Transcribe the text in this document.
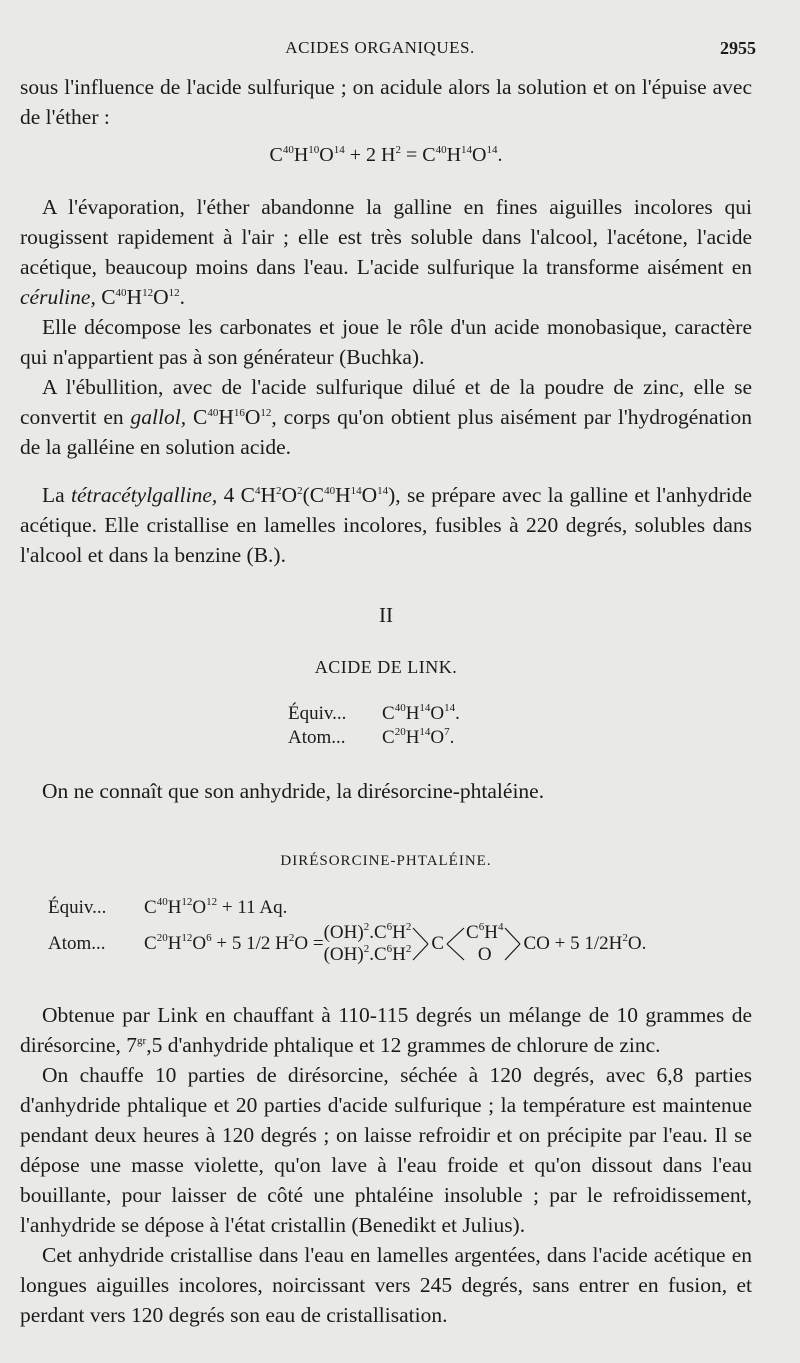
ACIDES ORGANIQUES.	2955

sous l'influence de l'acide sulfurique ; on acidule alors la solution et on l'épuise avec de l'éther :

$C^{40}H^{10}O^{14} + 2$ $H^2 = C^{40}H^{14}O^{14}$.

A l'évaporation, l'éther abandonne la galline en fines aiguilles incolores qui rougissent rapidement à l'air ; elle est très soluble dans l'alcool, l'acétone, l'acide acétique, beaucoup moins dans l'eau. L'acide sulfurique la transforme aisément en céruline, $C^{40}H^{12}O^{12}$.

Elle décompose les carbonates et joue le rôle d'un acide monobasique, caractère qui n'appartient pas à son générateur (Buchka).

A l'ébullition, avec de l'acide sulfurique dilué et de la poudre de zinc, elle se convertit en gallol, $C^{40}H^{16}O^{12}$, corps qu'on obtient plus aisément par l'hydrogénation de la galléine en solution acide.

La tétracétylgalline, 4 $C^4H^2O^2(C^{40}H^{14}O^{14})$, se prépare avec la galline et l'anhydride acétique. Elle cristallise en lamelles incolores, fusibles à 220 degrés, solubles dans l'alcool et dans la benzine (B.).

II
ACIDE DE LINK.
Équiv... $C^{40}H^{14}O^{14}$.
Atom... $C^{20}H^{14}O^7$.

On ne connaît que son anhydride, la dirésorcine-phtaléine.

DIRÉSORCINE-PHTALÉINE.
Équiv... $C^{40}H^{12}O^{12} + 11$ Aq.
Atom...	$C^{20}H^{12}O^6 + 5$ 1/2 $H^2O$ =
$(OH)^2.C^6H^2$
$(OH)^2.C^6H^2$ C
$C^6H^4$
O
CO + 5 $1/2H^2O$.

Obtenue par Link en chauffant à 110-115 degrés un mélange de 10 grammes de dirésorcine, $7^{gr},5$ d'anhydride phtalique et 12 grammes de chlorure de zinc.

On chauffe 10 parties de dirésorcine, séchée à 120 degrés, avec 6,8 parties d'anhydride phtalique et 20 parties d'acide sulfurique ; la température est maintenue pendant deux heures à 120 degrés ; on laisse refroidir et on précipite par l'eau. Il se dépose une masse violette, qu'on lave à l'eau froide et qu'on dissout dans l'eau bouillante, pour laisser de côté une phtaléine insoluble ; par le refroidissement, l'anhydride se dépose à l'état cristallin (Benedikt et Julius).

Cet anhydride cristallise dans l'eau en lamelles argentées, dans l'acide acétique en longues aiguilles incolores, noircissant vers 245 degrés, sans entrer en fusion, et perdant vers 120 degrés son eau de cristallisation.
